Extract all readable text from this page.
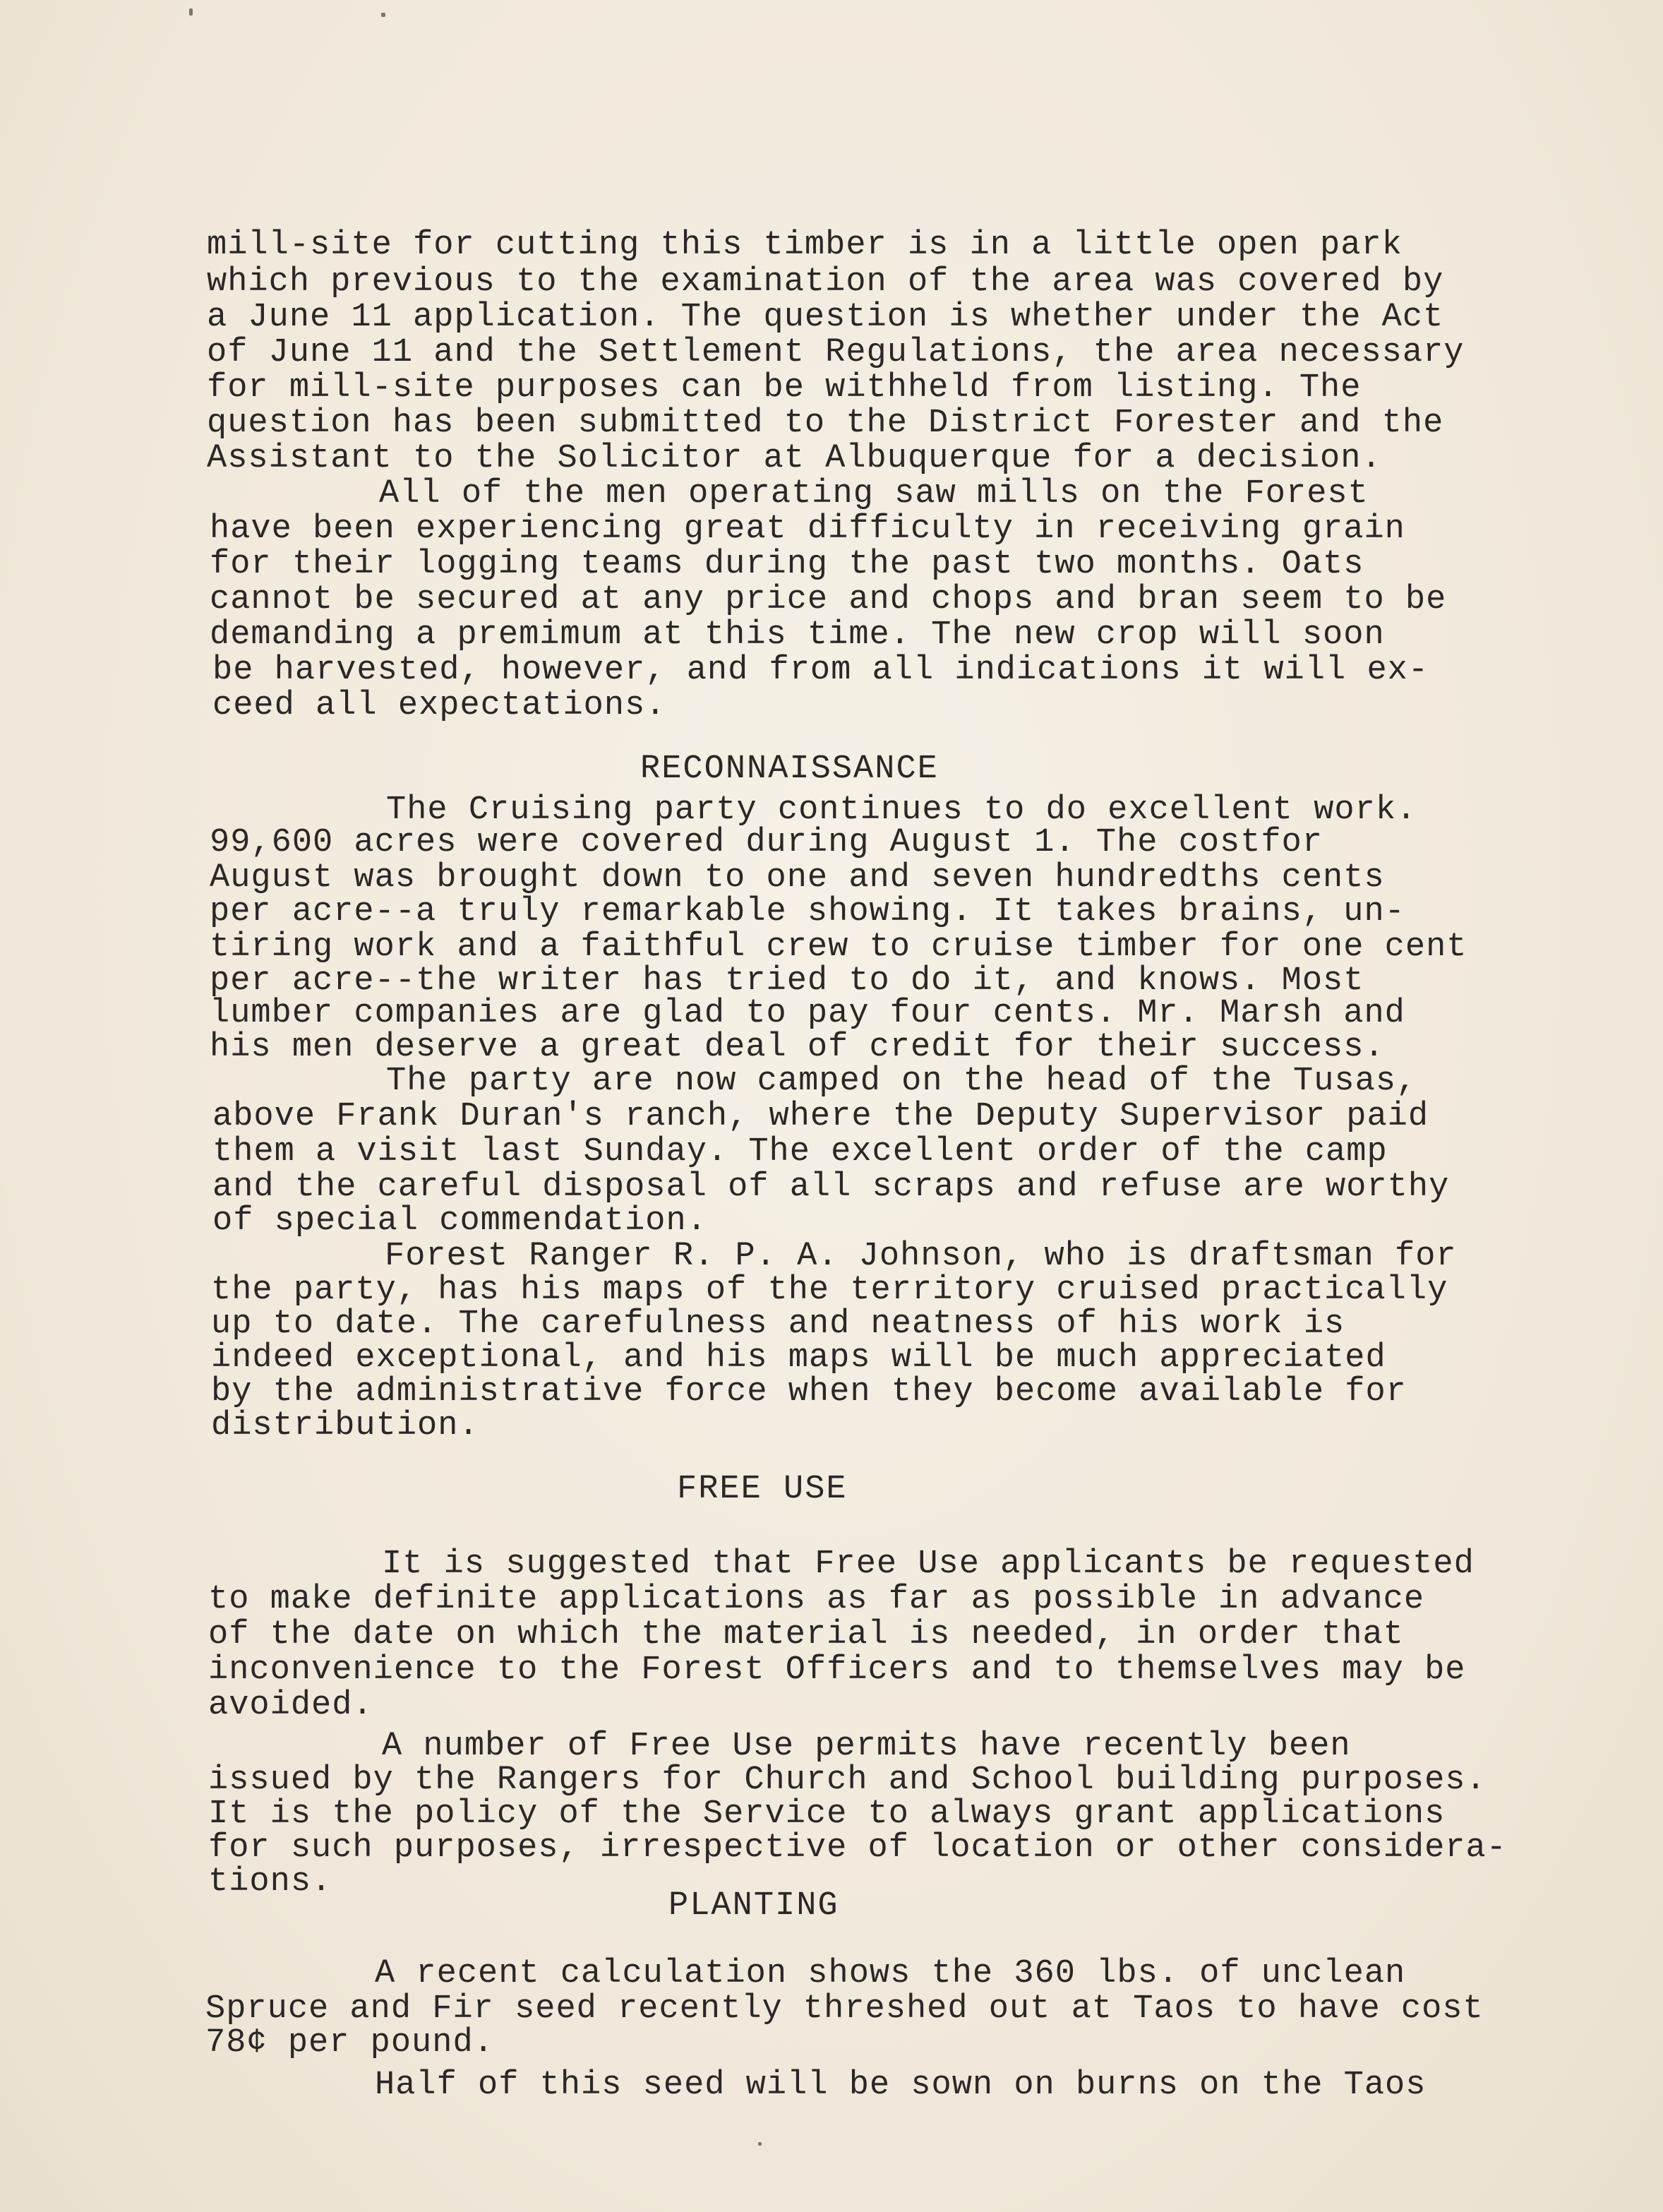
mill-site for cutting this timber is in a little open park
which previous to the examination of the area was covered by
a June 11 application. The question is whether under the Act
of June 11 and the Settlement Regulations, the area necessary
for mill-site purposes can be withheld from listing. The
question has been submitted to the District Forester and the
Assistant to the Solicitor at Albuquerque for a decision.
All of the men operating saw mills on the Forest
have been experiencing great difficulty in receiving grain
for their logging teams during the past two months. Oats
cannot be secured at any price and chops and bran seem to be
demanding a premimum at this time. The new crop will soon
be harvested, however, and from all indications it will ex-
ceed all expectations.
RECONNAISSANCE
The Cruising party continues to do excellent work.
99,600 acres were covered during August 1. The costfor
August was brought down to one and seven hundredths cents
per acre--a truly remarkable showing. It takes brains, un-
tiring work and a faithful crew to cruise timber for one cent
per acre--the writer has tried to do it, and knows. Most
lumber companies are glad to pay four cents. Mr. Marsh and
his men deserve a great deal of credit for their success.
The party are now camped on the head of the Tusas,
above Frank Duran's ranch, where the Deputy Supervisor paid
them a visit last Sunday. The excellent order of the camp
and the careful disposal of all scraps and refuse are worthy
of special commendation.
Forest Ranger R. P. A. Johnson, who is draftsman for
the party, has his maps of the territory cruised practically
up to date. The carefulness and neatness of his work is
indeed exceptional, and his maps will be much appreciated
by the administrative force when they become available for
distribution.
FREE USE
It is suggested that Free Use applicants be requested
to make definite applications as far as possible in advance
of the date on which the material is needed, in order that
inconvenience to the Forest Officers and to themselves may be
avoided.
A number of Free Use permits have recently been
issued by the Rangers for Church and School building purposes.
It is the policy of the Service to always grant applications
for such purposes, irrespective of location or other considera-
tions.
PLANTING
A recent calculation shows the 360 lbs. of unclean
Spruce and Fir seed recently threshed out at Taos to have cost
78¢ per pound.
Half of this seed will be sown on burns on the Taos
